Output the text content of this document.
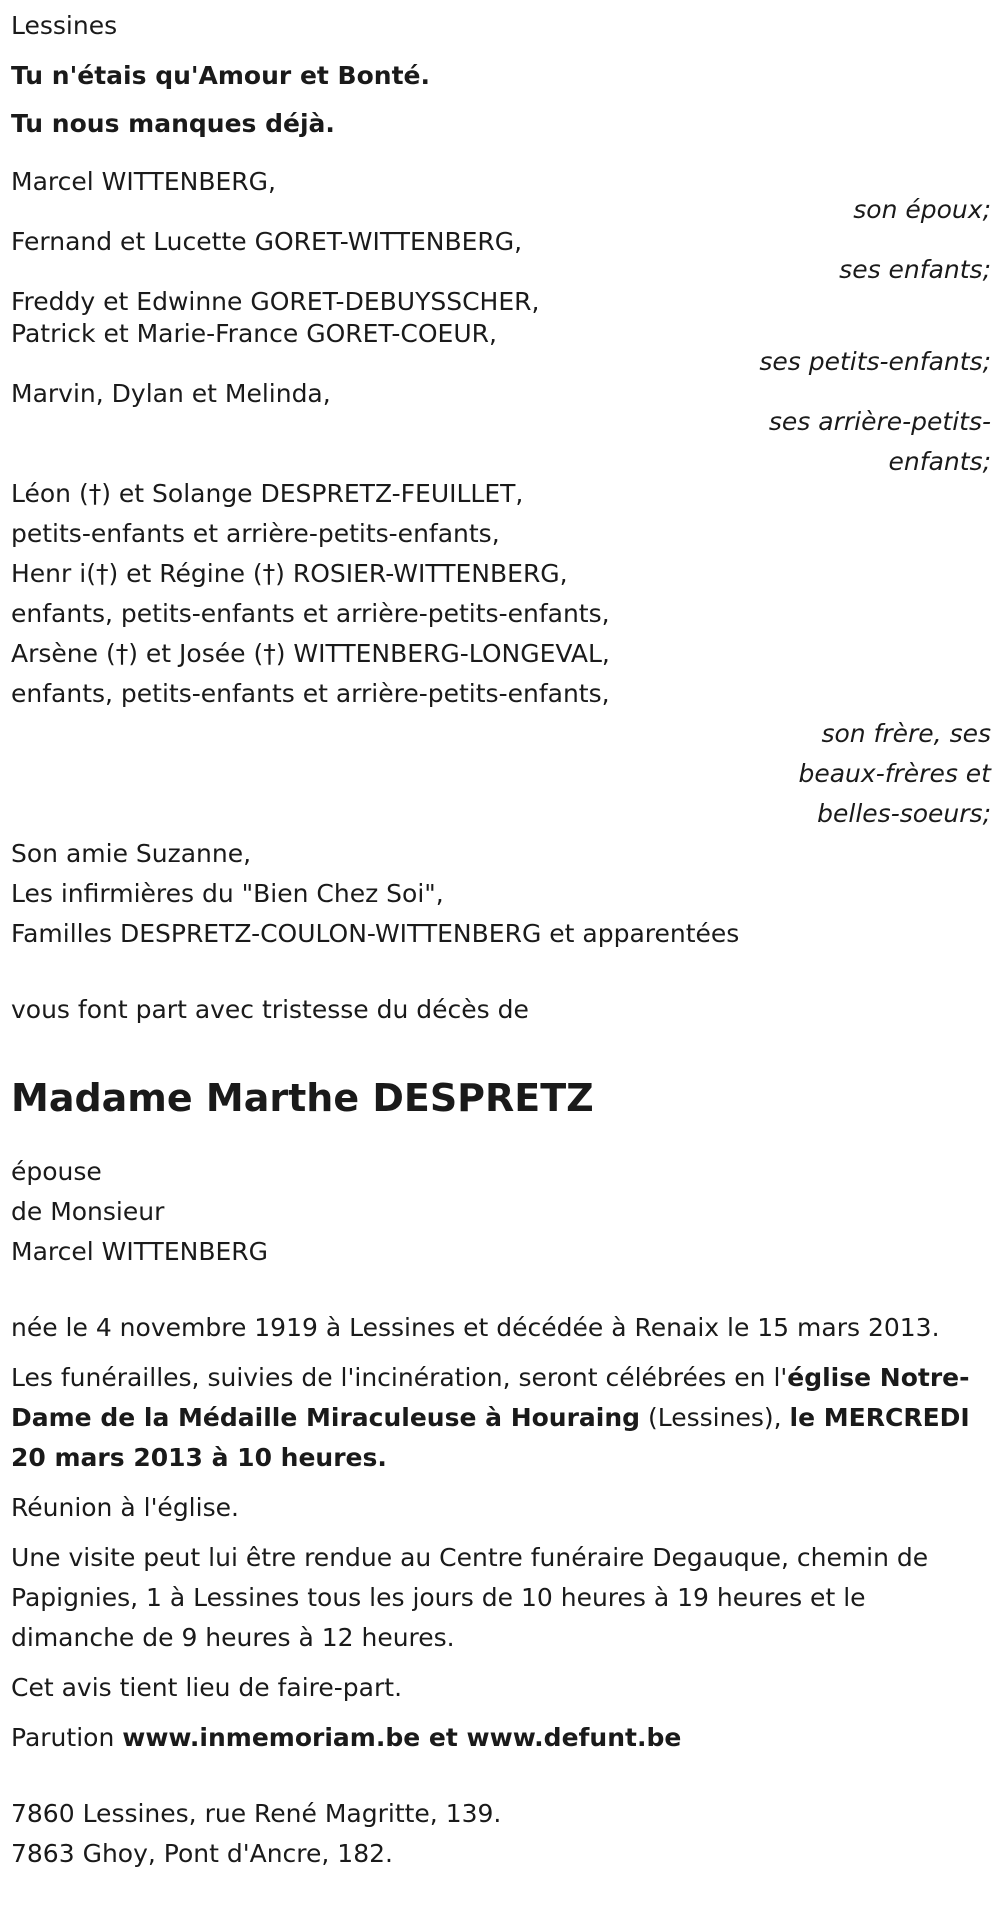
Lessines
Tu n'étais qu'Amour et Bonté.
Tu nous manques déjà.
Marcel WITTENBERG,
son époux;
Fernand et Lucette GORET-WITTENBERG,
ses enfants;
Freddy et Edwinne GORET-DEBUYSSCHER,
Patrick et Marie-France GORET-COEUR,
ses petits-enfants;
Marvin, Dylan et Melinda,
ses arrière-petits-
enfants;
Léon (†) et Solange DESPRETZ-FEUILLET,
petits-enfants et arrière-petits-enfants,
Henr i(†) et Régine (†) ROSIER-WITTENBERG,
enfants, petits-enfants et arrière-petits-enfants,
Arsène (†) et Josée (†) WITTENBERG-LONGEVAL,
enfants, petits-enfants et arrière-petits-enfants,
son frère, ses
beaux-frères et
belles-soeurs;
Son amie Suzanne,
Les infirmières du "Bien Chez Soi",
Familles DESPRETZ-COULON-WITTENBERG et apparentées
vous font part avec tristesse du décès de
Madame Marthe DESPRETZ
épouse
de Monsieur
Marcel WITTENBERG
née le 4 novembre 1919 à Lessines et décédée à Renaix le 15 mars 2013.
Les funérailles, suivies de l'incinération, seront célébrées en l'église Notre-Dame de la Médaille Miraculeuse à Houraing (Lessines), le MERCREDI 20 mars 2013 à 10 heures.
Réunion à l'église.
Une visite peut lui être rendue au Centre funéraire Degauque, chemin de Papignies, 1 à Lessines tous les jours de 10 heures à 19 heures et le dimanche de 9 heures à 12 heures.
Cet avis tient lieu de faire-part.
Parution www.inmemoriam.be et www.defunt.be
7860 Lessines, rue René Magritte, 139.
7863 Ghoy, Pont d'Ancre, 182.
